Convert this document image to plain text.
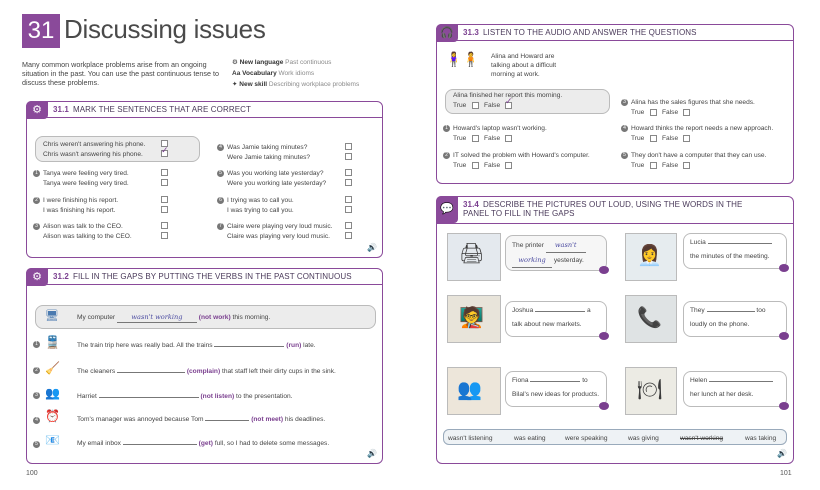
31 Discussing issues
Many common workplace problems arise from an ongoing situation in the past. You can use the past continuous tense to discuss these problems.
⚙ New language Past continuous
Aa Vocabulary Work idioms
✦ New skill Describing workplace problems
⚙	31.1 MARK THE SENTENCES THAT ARE CORRECT
Chris weren't answering his phone.
Chris wasn't answering his phone. ✓
1 Tanya were feeling very tired.
Tanya were feeling very tired.
2 I were finishing his report.
I was finishing his report.
3 Alison was talk to the CEO.
Alison was talking to the CEO.
4 Was Jamie taking minutes?
Were Jamie taking minutes?
5 Was you working late yesterday?
Were you working late yesterday?
6 I trying was to call you.
I was trying to call you.
7 Claire were playing very loud music.
Claire was playing very loud music.
🔊
⚙	31.2 FILL IN THE GAPS BY PUTTING THE VERBS IN THE PAST CONTINUOUS
🖥	My computer wasn't working (not work) this morning.
1 🚆	The train trip here was really bad. All the trains	(run) late.
2 🧹	The cleaners	(complain) that staff left their dirty cups in the sink.
3 👥	Harriet	(not listen) to the presentation.
4 ⏰	Tom's manager was annoyed because Tom	(not meet) his deadlines.
5 📧	My email inbox	(get) full, so I had to delete some messages.
🔊
100
🎧	31.3 LISTEN TO THE AUDIO AND ANSWER THE QUESTIONS
🧍‍♀️🧍	Alina and Howard are talking about a difficult morning at work.
Alina finished her report this morning.
True	False ✓
1 Howard's laptop wasn't working.
True	False
2 IT solved the problem with Howard's computer.
True	False
3 Alina has the sales figures that she needs.
True	False
4 Howard thinks the report needs a new approach.
True	False
5 They don't have a computer that they can use.
True	False
💬	31.4 DESCRIBE THE PICTURES OUT LOUD, USING THE WORDS IN THE
PANEL TO FILL IN THE GAPS
🖨	The printer wasn't
working yesterday.
🧑‍🏫	Joshua	a
talk about new markets.
👥	Fiona	to
Bilal's new ideas for products.
👩‍💼
Lucia
the minutes of the meeting.
📞	They	too
loudly on the phone.
🍽	Helen
her lunch at her desk.
🔊
wasn't listening	was eating	were speaking	was giving	wasn't working	was taking
101
